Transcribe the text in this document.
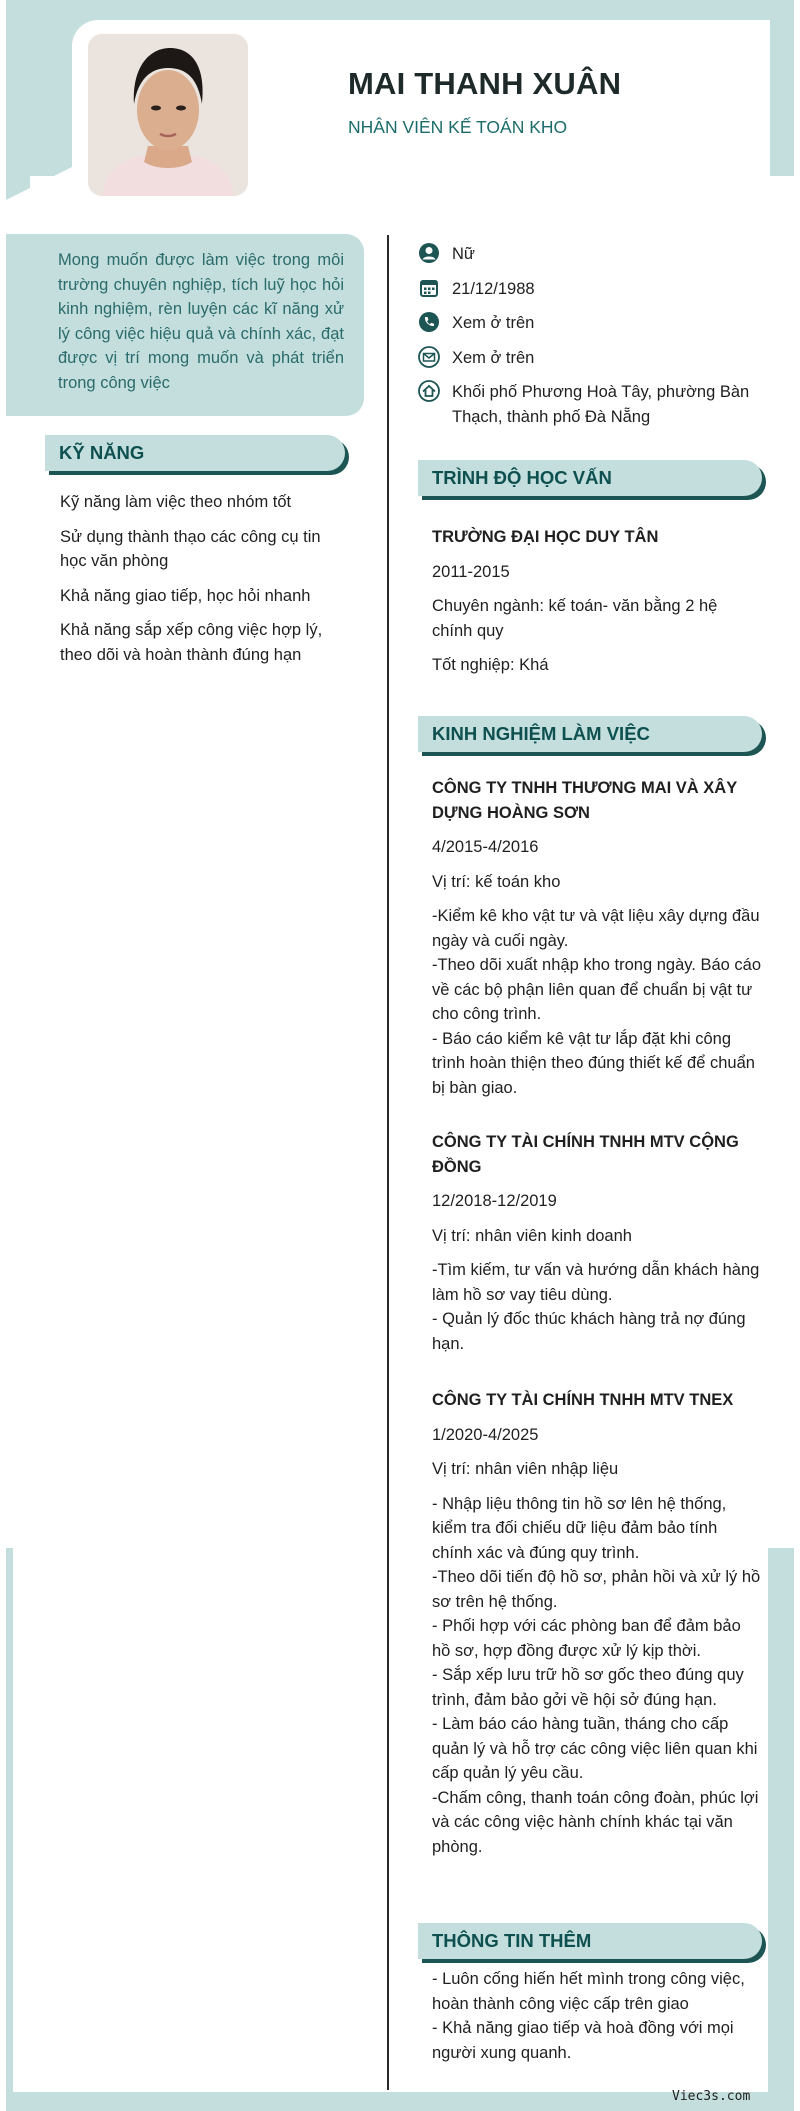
MAI THANH XUÂN
NHÂN VIÊN KẾ TOÁN KHO

Mong muốn được làm việc trong môi trường chuyên nghiệp, tích luỹ học hỏi kinh nghiệm, rèn luyện các kĩ năng xử lý công việc hiệu quả và chính xác, đạt được vị trí mong muốn và phát triển trong công việc

KỸ NĂNG
Kỹ năng làm việc theo nhóm tốt
Sử dụng thành thạo các công cụ tin học văn phòng
Khả năng giao tiếp, học hỏi nhanh
Khả năng sắp xếp công việc hợp lý, theo dõi và hoàn thành đúng hạn
Nữ
21/12/1988
Xem ở trên
Xem ở trên
Khối phố Phương Hoà Tây, phường Bàn Thạch, thành phố Đà Nẵng
TRÌNH ĐỘ HỌC VẤN
TRƯỜNG ĐẠI HỌC DUY TÂN
2011-2015
Chuyên ngành: kế toán- văn bằng 2 hệ chính quy
Tốt nghiệp: Khá
KINH NGHIỆM LÀM VIỆC
CÔNG TY TNHH THƯƠNG MAI VÀ XÂY DỰNG HOÀNG SƠN
4/2015-4/2016
Vị trí: kế toán kho
-Kiểm kê kho vật tư và vật liệu xây dựng đầu ngày và cuối ngày.
-Theo dõi xuất nhập kho trong ngày. Báo cáo về các bộ phận liên quan để chuẩn bị vật tư cho công trình.
- Báo cáo kiểm kê vật tư lắp đặt khi công trình hoàn thiện theo đúng thiết kế để chuẩn bị bàn giao.
CÔNG TY TÀI CHÍNH TNHH MTV CỘNG ĐỒNG
12/2018-12/2019
Vị trí: nhân viên kinh doanh
-Tìm kiếm, tư vấn và hướng dẫn khách hàng làm hồ sơ vay tiêu dùng.
- Quản lý đốc thúc khách hàng trả nợ đúng hạn.
CÔNG TY TÀI CHÍNH TNHH MTV TNEX
1/2020-4/2025
Vị trí: nhân viên nhập liệu
- Nhập liệu thông tin hồ sơ lên hệ thống, kiểm tra đối chiếu dữ liệu đảm bảo tính chính xác và đúng quy trình.
-Theo dõi tiến độ hồ sơ, phản hồi và xử lý hồ sơ trên hệ thống.
- Phối hợp với các phòng ban để đảm bảo hồ sơ, hợp đồng được xử lý kịp thời.
- Sắp xếp lưu trữ hồ sơ gốc theo đúng quy trình, đảm bảo gởi về hội sở đúng hạn.
- Làm báo cáo hàng tuần, tháng cho cấp quản lý và hỗ trợ các công việc liên quan khi cấp quản lý yêu cầu.
-Chấm công, thanh toán công đoàn, phúc lợi và các công việc hành chính khác tại văn phòng.
THÔNG TIN THÊM
- Luôn cống hiến hết mình trong công việc, hoàn thành công việc cấp trên giao
- Khả năng giao tiếp và hoà đồng với mọi người xung quanh.
Viec3s.com
